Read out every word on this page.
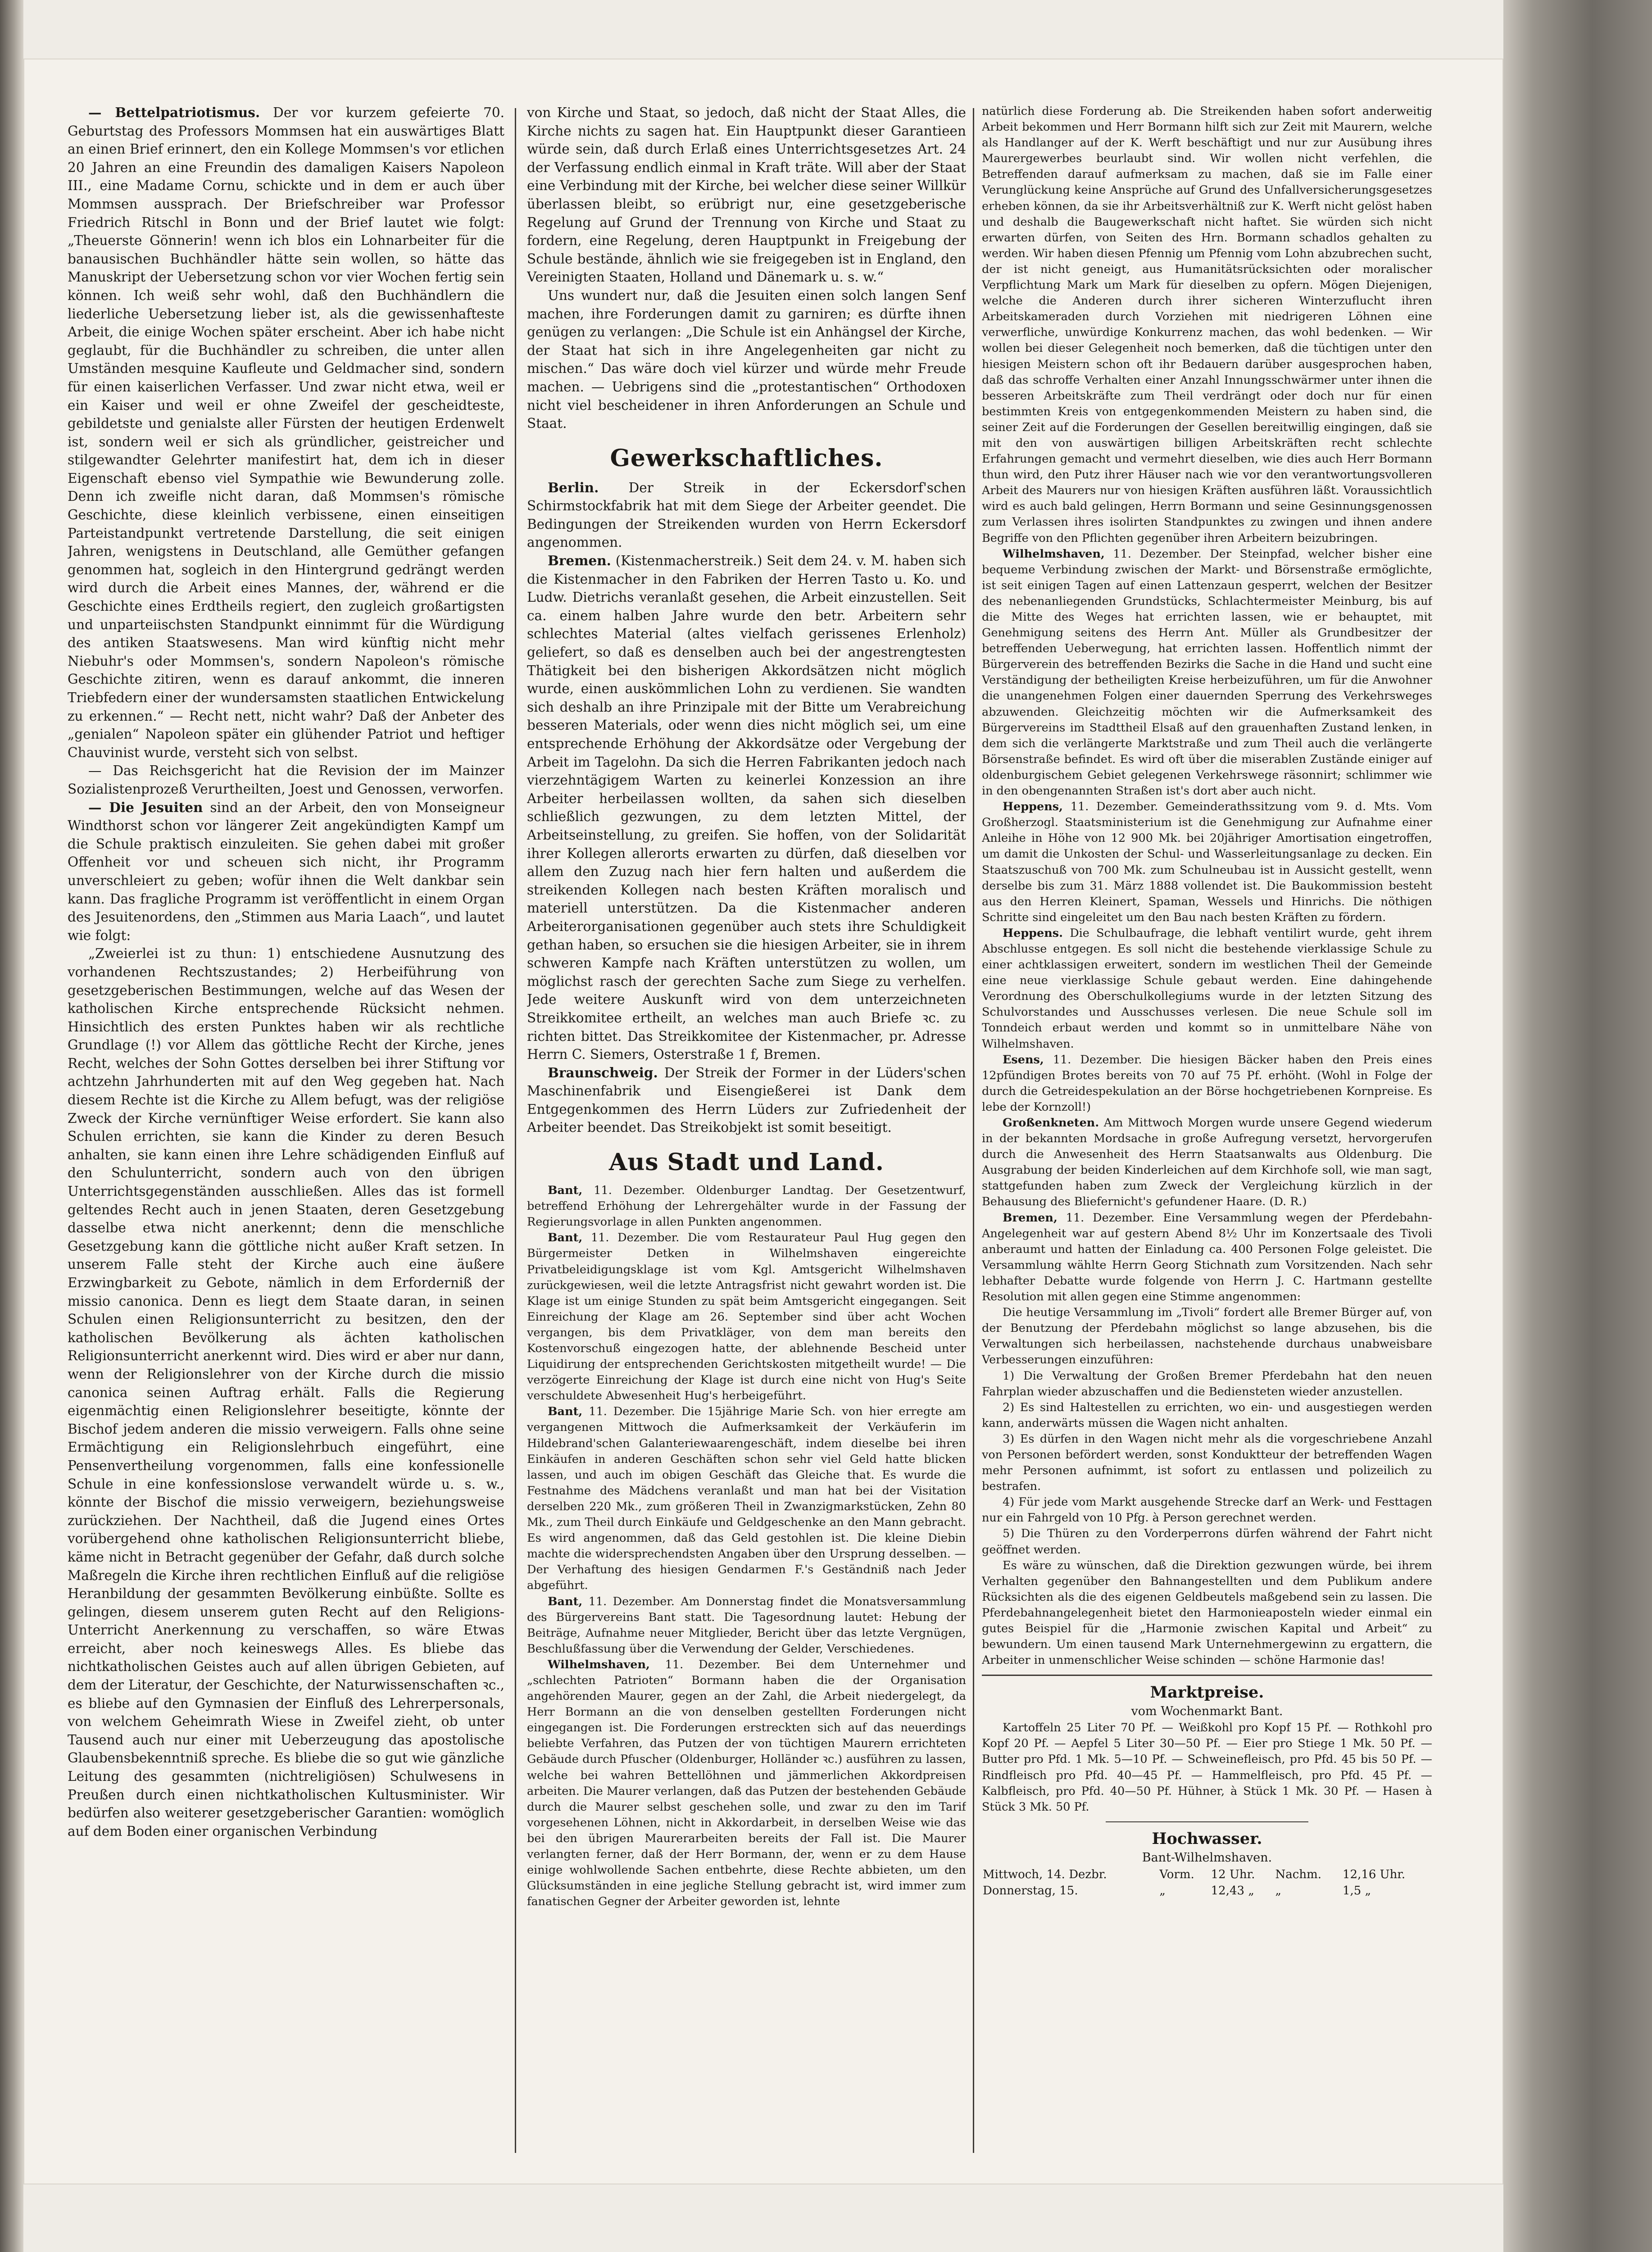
— Bettelpatriotismus. Der vor kurzem gefeierte 70. Geburtstag des Professors Mommsen hat ein auswärtiges Blatt an einen Brief erinnert, den ein Kollege Mommsen's vor etlichen 20 Jahren an eine Freundin des damaligen Kaisers Napoleon III., eine Madame Cornu, schickte und in dem er auch über Mommsen aussprach. Der Briefschreiber war Professor Friedrich Ritschl in Bonn und der Brief lautet wie folgt: „Theuerste Gönnerin! wenn ich blos ein Lohnarbeiter für die banausischen Buchhändler hätte sein wollen, so hätte das Manuskript der Uebersetzung schon vor vier Wochen fertig sein können. Ich weiß sehr wohl, daß den Buchhändlern die liederliche Uebersetzung lieber ist, als die gewissenhafteste Arbeit, die einige Wochen später erscheint. Aber ich habe nicht geglaubt, für die Buchhändler zu schreiben, die unter allen Umständen mesquine Kaufleute und Geldmacher sind, sondern für einen kaiserlichen Verfasser. Und zwar nicht etwa, weil er ein Kaiser und weil er ohne Zweifel der gescheidteste, gebildetste und genialste aller Fürsten der heutigen Erdenwelt ist, sondern weil er sich als gründlicher, geistreicher und stilgewandter Gelehrter manifestirt hat, dem ich in dieser Eigenschaft ebenso viel Sympathie wie Bewunderung zolle. Denn ich zweifle nicht daran, daß Mommsen's römische Geschichte, diese kleinlich verbissene, einen einseitigen Parteistandpunkt vertretende Darstellung, die seit einigen Jahren, wenigstens in Deutschland, alle Gemüther gefangen genommen hat, sogleich in den Hintergrund gedrängt werden wird durch die Arbeit eines Mannes, der, während er die Geschichte eines Erdtheils regiert, den zugleich großartigsten und unparteiischsten Standpunkt einnimmt für die Würdigung des antiken Staatswesens. Man wird künftig nicht mehr Niebuhr's oder Mommsen's, sondern Napoleon's römische Geschichte zitiren, wenn es darauf ankommt, die inneren Triebfedern einer der wundersamsten staatlichen Entwickelung zu erkennen.“ — Recht nett, nicht wahr? Daß der Anbeter des „genialen“ Napoleon später ein glühender Patriot und heftiger Chauvinist wurde, versteht sich von selbst.

— Das Reichsgericht hat die Revision der im Mainzer Sozialistenprozeß Verurtheilten, Joest und Genossen, verworfen.

— Die Jesuiten sind an der Arbeit, den von Monseigneur Windthorst schon vor längerer Zeit angekündigten Kampf um die Schule praktisch einzuleiten. Sie gehen dabei mit großer Offenheit vor und scheuen sich nicht, ihr Programm unverschleiert zu geben; wofür ihnen die Welt dankbar sein kann. Das fragliche Programm ist veröffentlicht in einem Organ des Jesuitenordens, den „Stimmen aus Maria Laach“, und lautet wie folgt:

„Zweierlei ist zu thun: 1) entschiedene Ausnutzung des vorhandenen Rechtszustandes; 2) Herbeiführung von gesetzgeberischen Bestimmungen, welche auf das Wesen der katholischen Kirche entsprechende Rücksicht nehmen. Hinsichtlich des ersten Punktes haben wir als rechtliche Grundlage (!) vor Allem das göttliche Recht der Kirche, jenes Recht, welches der Sohn Gottes derselben bei ihrer Stiftung vor achtzehn Jahrhunderten mit auf den Weg gegeben hat. Nach diesem Rechte ist die Kirche zu Allem befugt, was der religiöse Zweck der Kirche vernünftiger Weise erfordert. Sie kann also Schulen errichten, sie kann die Kinder zu deren Besuch anhalten, sie kann einen ihre Lehre schädigenden Einfluß auf den Schulunterricht, sondern auch von den übrigen Unterrichtsgegenständen ausschließen. Alles das ist formell geltendes Recht auch in jenen Staaten, deren Gesetzgebung dasselbe etwa nicht anerkennt; denn die menschliche Gesetzgebung kann die göttliche nicht außer Kraft setzen. In unserem Falle steht der Kirche auch eine äußere Erzwingbarkeit zu Gebote, nämlich in dem Erforderniß der missio canonica. Denn es liegt dem Staate daran, in seinen Schulen einen Religionsunterricht zu besitzen, den der katholischen Bevölkerung als ächten katholischen Religionsunterricht anerkennt wird. Dies wird er aber nur dann, wenn der Religionslehrer von der Kirche durch die missio canonica seinen Auftrag erhält. Falls die Regierung eigenmächtig einen Religionslehrer beseitigte, könnte der Bischof jedem anderen die missio verweigern. Falls ohne seine Ermächtigung ein Religionslehrbuch eingeführt, eine Pensenvertheilung vorgenommen, falls eine konfessionelle Schule in eine konfessionslose verwandelt würde u. s. w., könnte der Bischof die missio verweigern, beziehungsweise zurückziehen. Der Nachtheil, daß die Jugend eines Ortes vorübergehend ohne katholischen Religionsunterricht bliebe, käme nicht in Betracht gegenüber der Gefahr, daß durch solche Maßregeln die Kirche ihren rechtlichen Einfluß auf die religiöse Heranbildung der gesammten Bevölkerung einbüßte. Sollte es gelingen, diesem unserem guten Recht auf den Religions-Unterricht Anerkennung zu verschaffen, so wäre Etwas erreicht, aber noch keineswegs Alles. Es bliebe das nichtkatholischen Geistes auch auf allen übrigen Gebieten, auf dem der Literatur, der Geschichte, der Naturwissenschaften ꝛc., es bliebe auf den Gymnasien der Einfluß des Lehrerpersonals, von welchem Geheimrath Wiese in Zweifel zieht, ob unter Tausend auch nur einer mit Ueberzeugung das apostolische Glaubensbekenntniß spreche. Es bliebe die so gut wie gänzliche Leitung des gesammten (nichtreligiösen) Schulwesens in Preußen durch einen nichtkatholischen Kultusminister. Wir bedürfen also weiterer gesetzgeberischer Garantien: womöglich auf dem Boden einer organischen Verbindung

von Kirche und Staat, so jedoch, daß nicht der Staat Alles, die Kirche nichts zu sagen hat. Ein Hauptpunkt dieser Garantieen würde sein, daß durch Erlaß eines Unterrichtsgesetzes Art. 24 der Verfassung endlich einmal in Kraft träte. Will aber der Staat eine Verbindung mit der Kirche, bei welcher diese seiner Willkür überlassen bleibt, so erübrigt nur, eine gesetzgeberische Regelung auf Grund der Trennung von Kirche und Staat zu fordern, eine Regelung, deren Hauptpunkt in Freigebung der Schule bestände, ähnlich wie sie freigegeben ist in England, den Vereinigten Staaten, Holland und Dänemark u. s. w.“

Uns wundert nur, daß die Jesuiten einen solch langen Senf machen, ihre Forderungen damit zu garniren; es dürfte ihnen genügen zu verlangen: „Die Schule ist ein Anhängsel der Kirche, der Staat hat sich in ihre Angelegenheiten gar nicht zu mischen.“ Das wäre doch viel kürzer und würde mehr Freude machen. — Uebrigens sind die „protestantischen“ Orthodoxen nicht viel bescheidener in ihren Anforderungen an Schule und Staat.

Gewerkschaftliches.

Berlin. Der Streik in der Eckersdorf'schen Schirmstockfabrik hat mit dem Siege der Arbeiter geendet. Die Bedingungen der Streikenden wurden von Herrn Eckersdorf angenommen.

Bremen. (Kistenmacherstreik.) Seit dem 24. v. M. haben sich die Kistenmacher in den Fabriken der Herren Tasto u. Ko. und Ludw. Dietrichs veranlaßt gesehen, die Arbeit einzustellen. Seit ca. einem halben Jahre wurde den betr. Arbeitern sehr schlechtes Material (altes vielfach gerissenes Erlenholz) geliefert, so daß es denselben auch bei der angestrengtesten Thätigkeit bei den bisherigen Akkordsätzen nicht möglich wurde, einen auskömmlichen Lohn zu verdienen. Sie wandten sich deshalb an ihre Prinzipale mit der Bitte um Verabreichung besseren Materials, oder wenn dies nicht möglich sei, um eine entsprechende Erhöhung der Akkordsätze oder Vergebung der Arbeit im Tagelohn. Da sich die Herren Fabrikanten jedoch nach vierzehntägigem Warten zu keinerlei Konzession an ihre Arbeiter herbeilassen wollten, da sahen sich dieselben schließlich gezwungen, zu dem letzten Mittel, der Arbeitseinstellung, zu greifen. Sie hoffen, von der Solidarität ihrer Kollegen allerorts erwarten zu dürfen, daß dieselben vor allem den Zuzug nach hier fern halten und außerdem die streikenden Kollegen nach besten Kräften moralisch und materiell unterstützen. Da die Kistenmacher anderen Arbeiterorganisationen gegenüber auch stets ihre Schuldigkeit gethan haben, so ersuchen sie die hiesigen Arbeiter, sie in ihrem schweren Kampfe nach Kräften unterstützen zu wollen, um möglichst rasch der gerechten Sache zum Siege zu verhelfen. Jede weitere Auskunft wird von dem unterzeichneten Streikkomitee ertheilt, an welches man auch Briefe ꝛc. zu richten bittet. Das Streikkomitee der Kistenmacher, pr. Adresse Herrn C. Siemers, Osterstraße 1 f, Bremen.

Braunschweig. Der Streik der Former in der Lüders'schen Maschinenfabrik und Eisengießerei ist Dank dem Entgegenkommen des Herrn Lüders zur Zufriedenheit der Arbeiter beendet. Das Streikobjekt ist somit beseitigt.

Aus Stadt und Land.

Bant, 11. Dezember. Oldenburger Landtag. Der Gesetzentwurf, betreffend Erhöhung der Lehrergehälter wurde in der Fassung der Regierungsvorlage in allen Punkten angenommen.

Bant, 11. Dezember. Die vom Restaurateur Paul Hug gegen den Bürgermeister Detken in Wilhelmshaven eingereichte Privatbeleidigungsklage ist vom Kgl. Amtsgericht Wilhelmshaven zurückgewiesen, weil die letzte Antragsfrist nicht gewahrt worden ist. Die Klage ist um einige Stunden zu spät beim Amtsgericht eingegangen. Seit Einreichung der Klage am 26. September sind über acht Wochen vergangen, bis dem Privatkläger, von dem man bereits den Kostenvorschuß eingezogen hatte, der ablehnende Bescheid unter Liquidirung der entsprechenden Gerichtskosten mitgetheilt wurde! — Die verzögerte Einreichung der Klage ist durch eine nicht von Hug's Seite verschuldete Abwesenheit Hug's herbeigeführt.

Bant, 11. Dezember. Die 15jährige Marie Sch. von hier erregte am vergangenen Mittwoch die Aufmerksamkeit der Verkäuferin im Hildebrand'schen Galanteriewaarengeschäft, indem dieselbe bei ihren Einkäufen in anderen Geschäften schon sehr viel Geld hatte blicken lassen, und auch im obigen Geschäft das Gleiche that. Es wurde die Festnahme des Mädchens veranlaßt und man hat bei der Visitation derselben 220 Mk., zum größeren Theil in Zwanzigmarkstücken, Zehn 80 Mk., zum Theil durch Einkäufe und Geldgeschenke an den Mann gebracht. Es wird angenommen, daß das Geld gestohlen ist. Die kleine Diebin machte die widersprechendsten Angaben über den Ursprung desselben. — Der Verhaftung des hiesigen Gendarmen F.'s Geständniß nach Jeder abgeführt.

Bant, 11. Dezember. Am Donnerstag findet die Monatsversammlung des Bürgervereins Bant statt. Die Tagesordnung lautet: Hebung der Beiträge, Aufnahme neuer Mitglieder, Bericht über das letzte Vergnügen, Beschlußfassung über die Verwendung der Gelder, Verschiedenes.

Wilhelmshaven, 11. Dezember. Bei dem Unternehmer und „schlechten Patrioten“ Bormann haben die der Organisation angehörenden Maurer, gegen an der Zahl, die Arbeit niedergelegt, da Herr Bormann an die von denselben gestellten Forderungen nicht eingegangen ist. Die Forderungen erstreckten sich auf das neuerdings beliebte Verfahren, das Putzen der von tüchtigen Maurern errichteten Gebäude durch Pfuscher (Oldenburger, Holländer ꝛc.) ausführen zu lassen, welche bei wahren Bettellöhnen und jämmerlichen Akkordpreisen arbeiten. Die Maurer verlangen, daß das Putzen der bestehenden Gebäude durch die Maurer selbst geschehen solle, und zwar zu den im Tarif vorgesehenen Löhnen, nicht in Akkordarbeit, in derselben Weise wie das bei den übrigen Maurerarbeiten bereits der Fall ist. Die Maurer verlangten ferner, daß der Herr Bormann, der, wenn er zu dem Hause einige wohlwollende Sachen entbehrte, diese Rechte abbieten, um den Glücksumständen in eine jegliche Stellung gebracht ist, wird immer zum fanatischen Gegner der Arbeiter geworden ist, lehnte

natürlich diese Forderung ab. Die Streikenden haben sofort anderweitig Arbeit bekommen und Herr Bormann hilft sich zur Zeit mit Maurern, welche als Handlanger auf der K. Werft beschäftigt und nur zur Ausübung ihres Maurergewerbes beurlaubt sind. Wir wollen nicht verfehlen, die Betreffenden darauf aufmerksam zu machen, daß sie im Falle einer Verunglückung keine Ansprüche auf Grund des Unfallversicherungsgesetzes erheben können, da sie ihr Arbeitsverhältniß zur K. Werft nicht gelöst haben und deshalb die Baugewerkschaft nicht haftet. Sie würden sich nicht erwarten dürfen, von Seiten des Hrn. Bormann schadlos gehalten zu werden. Wir haben diesen Pfennig um Pfennig vom Lohn abzubrechen sucht, der ist nicht geneigt, aus Humanitätsrücksichten oder moralischer Verpflichtung Mark um Mark für dieselben zu opfern. Mögen Diejenigen, welche die Anderen durch ihrer sicheren Winterzuflucht ihren Arbeitskameraden durch Vorziehen mit niedrigeren Löhnen eine verwerfliche, unwürdige Konkurrenz machen, das wohl bedenken. — Wir wollen bei dieser Gelegenheit noch bemerken, daß die tüchtigen unter den hiesigen Meistern schon oft ihr Bedauern darüber ausgesprochen haben, daß das schroffe Verhalten einer Anzahl Innungsschwärmer unter ihnen die besseren Arbeitskräfte zum Theil verdrängt oder doch nur für einen bestimmten Kreis von entgegenkommenden Meistern zu haben sind, die seiner Zeit auf die Forderungen der Gesellen bereitwillig eingingen, daß sie mit den von auswärtigen billigen Arbeitskräften recht schlechte Erfahrungen gemacht und vermehrt dieselben, wie dies auch Herr Bormann thun wird, den Putz ihrer Häuser nach wie vor den verantwortungsvolleren Arbeit des Maurers nur von hiesigen Kräften ausführen läßt. Voraussichtlich wird es auch bald gelingen, Herrn Bormann und seine Gesinnungsgenossen zum Verlassen ihres isolirten Standpunktes zu zwingen und ihnen andere Begriffe von den Pflichten gegenüber ihren Arbeitern beizubringen.

Wilhelmshaven, 11. Dezember. Der Steinpfad, welcher bisher eine bequeme Verbindung zwischen der Markt- und Börsenstraße ermöglichte, ist seit einigen Tagen auf einen Lattenzaun gesperrt, welchen der Besitzer des nebenanliegenden Grundstücks, Schlachtermeister Meinburg, bis auf die Mitte des Weges hat errichten lassen, wie er behauptet, mit Genehmigung seitens des Herrn Ant. Müller als Grundbesitzer der betreffenden Ueberwegung, hat errichten lassen. Hoffentlich nimmt der Bürgerverein des betreffenden Bezirks die Sache in die Hand und sucht eine Verständigung der betheiligten Kreise herbeizuführen, um für die Anwohner die unangenehmen Folgen einer dauernden Sperrung des Verkehrsweges abzuwenden. Gleichzeitig möchten wir die Aufmerksamkeit des Bürgervereins im Stadttheil Elsaß auf den grauenhaften Zustand lenken, in dem sich die verlängerte Marktstraße und zum Theil auch die verlängerte Börsenstraße befindet. Es wird oft über die miserablen Zustände einiger auf oldenburgischem Gebiet gelegenen Verkehrswege räsonnirt; schlimmer wie in den obengenannten Straßen ist's dort aber auch nicht.

Heppens, 11. Dezember. Gemeinderathssitzung vom 9. d. Mts. Vom Großherzogl. Staatsministerium ist die Genehmigung zur Aufnahme einer Anleihe in Höhe von 12 900 Mk. bei 20jähriger Amortisation eingetroffen, um damit die Unkosten der Schul- und Wasserleitungsanlage zu decken. Ein Staatszuschuß von 700 Mk. zum Schulneubau ist in Aussicht gestellt, wenn derselbe bis zum 31. März 1888 vollendet ist. Die Baukommission besteht aus den Herren Kleinert, Spaman, Wessels und Hinrichs. Die nöthigen Schritte sind eingeleitet um den Bau nach besten Kräften zu fördern.

Heppens. Die Schulbaufrage, die lebhaft ventilirt wurde, geht ihrem Abschlusse entgegen. Es soll nicht die bestehende vierklassige Schule zu einer achtklassigen erweitert, sondern im westlichen Theil der Gemeinde eine neue vierklassige Schule gebaut werden. Eine dahingehende Verordnung des Oberschulkollegiums wurde in der letzten Sitzung des Schulvorstandes und Ausschusses verlesen. Die neue Schule soll im Tonndeich erbaut werden und kommt so in unmittelbare Nähe von Wilhelmshaven.

Esens, 11. Dezember. Die hiesigen Bäcker haben den Preis eines 12pfündigen Brotes bereits von 70 auf 75 Pf. erhöht. (Wohl in Folge der durch die Getreidespekulation an der Börse hochgetriebenen Kornpreise. Es lebe der Kornzoll!)

Großenkneten. Am Mittwoch Morgen wurde unsere Gegend wiederum in der bekannten Mordsache in große Aufregung versetzt, hervorgerufen durch die Anwesenheit des Herrn Staatsanwalts aus Oldenburg. Die Ausgrabung der beiden Kinderleichen auf dem Kirchhofe soll, wie man sagt, stattgefunden haben zum Zweck der Vergleichung kürzlich in der Behausung des Bliefernicht's gefundener Haare. (D. R.)

Bremen, 11. Dezember. Eine Versammlung wegen der Pferdebahn-Angelegenheit war auf gestern Abend 8½ Uhr im Konzertsaale des Tivoli anberaumt und hatten der Einladung ca. 400 Personen Folge geleistet. Die Versammlung wählte Herrn Georg Stichnath zum Vorsitzenden. Nach sehr lebhafter Debatte wurde folgende von Herrn J. C. Hartmann gestellte Resolution mit allen gegen eine Stimme angenommen:

Die heutige Versammlung im „Tivoli“ fordert alle Bremer Bürger auf, von der Benutzung der Pferdebahn möglichst so lange abzusehen, bis die Verwaltungen sich herbeilassen, nachstehende durchaus unabweisbare Verbesserungen einzuführen:

1) Die Verwaltung der Großen Bremer Pferdebahn hat den neuen Fahrplan wieder abzuschaffen und die Bediensteten wieder anzustellen.

2) Es sind Haltestellen zu errichten, wo ein- und ausgestiegen werden kann, anderwärts müssen die Wagen nicht anhalten.

3) Es dürfen in den Wagen nicht mehr als die vorgeschriebene Anzahl von Personen befördert werden, sonst Konduktteur der betreffenden Wagen mehr Personen aufnimmt, ist sofort zu entlassen und polizeilich zu bestrafen.

4) Für jede vom Markt ausgehende Strecke darf an Werk- und Festtagen nur ein Fahrgeld von 10 Pfg. à Person gerechnet werden.

5) Die Thüren zu den Vorderperrons dürfen während der Fahrt nicht geöffnet werden.

Es wäre zu wünschen, daß die Direktion gezwungen würde, bei ihrem Verhalten gegenüber den Bahnangestellten und dem Publikum andere Rücksichten als die des eigenen Geldbeutels maßgebend sein zu lassen. Die Pferdebahnangelegenheit bietet den Harmonieaposteln wieder einmal ein gutes Beispiel für die „Harmonie zwischen Kapital und Arbeit“ zu bewundern. Um einen tausend Mark Unternehmergewinn zu ergattern, die Arbeiter in unmenschlicher Weise schinden — schöne Harmonie das!

Marktpreise.
vom Wochenmarkt Bant.

Kartoffeln 25 Liter 70 Pf. — Weißkohl pro Kopf 15 Pf. — Rothkohl pro Kopf 20 Pf. — Aepfel 5 Liter 30—50 Pf. — Eier pro Stiege 1 Mk. 50 Pf. — Butter pro Pfd. 1 Mk. 5—10 Pf. — Schweinefleisch, pro Pfd. 45 bis 50 Pf. — Rindfleisch pro Pfd. 40—45 Pf. — Hammelfleisch, pro Pfd. 45 Pf. — Kalbfleisch, pro Pfd. 40—50 Pf. Hühner, à Stück 1 Mk. 30 Pf. — Hasen à Stück 3 Mk. 50 Pf.

Hochwasser.
Bant-Wilhelmshaven.
Mittwoch, 14. Dezbr.	Vorm.	12 Uhr.	Nachm.	12,16 Uhr.
Donnerstag, 15.	„	12,43 „	„	1,5 „
